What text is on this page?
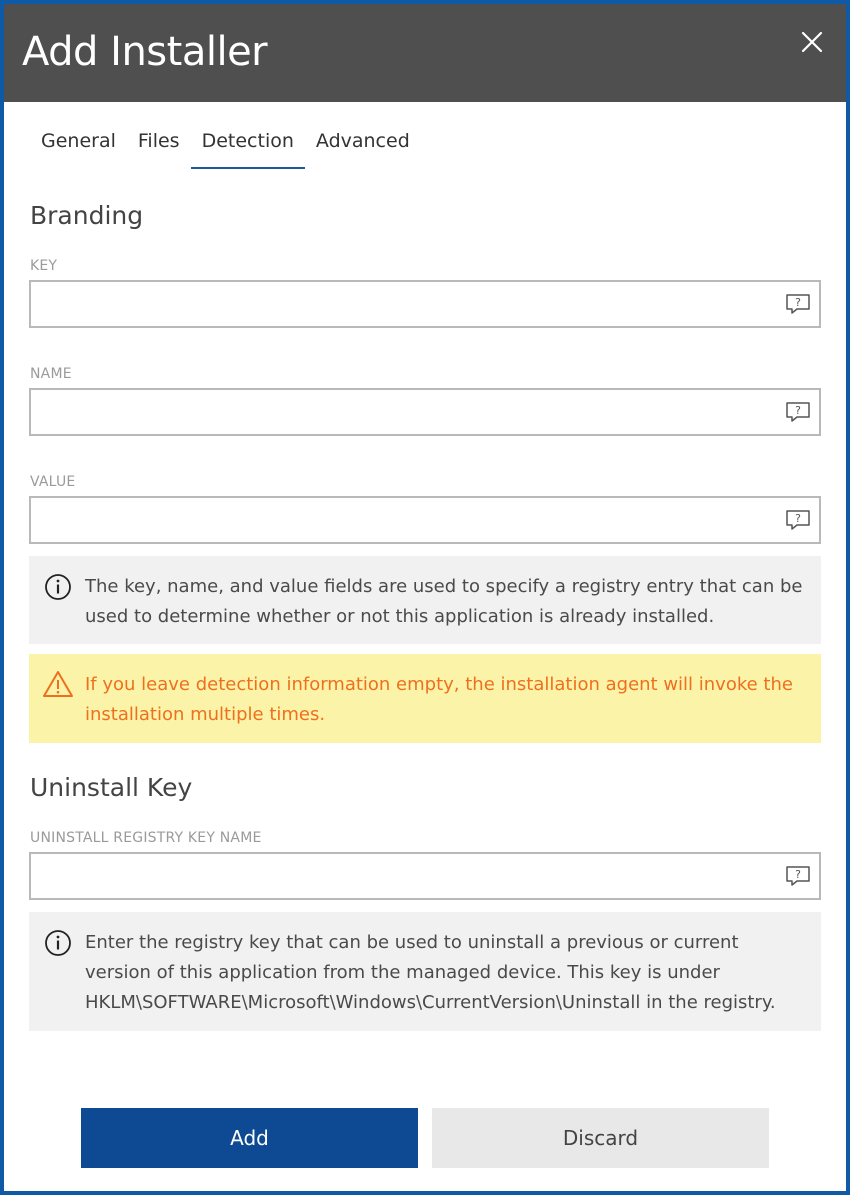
Add Installer
General	Files	Detection	Advanced
Branding
KEY
?
NAME
?
VALUE
?
The key, name, and value fields are used to specify a registry entry that can be used to determine whether or not this application is already installed.
If you leave detection information empty, the installation agent will invoke the installation multiple times.
Uninstall Key
UNINSTALL REGISTRY KEY NAME
?
Enter the registry key that can be used to uninstall a previous or current version of this application from the managed device. This key is under HKLM\SOFTWARE\Microsoft\Windows\CurrentVersion\Uninstall in the registry.
Add	Discard
